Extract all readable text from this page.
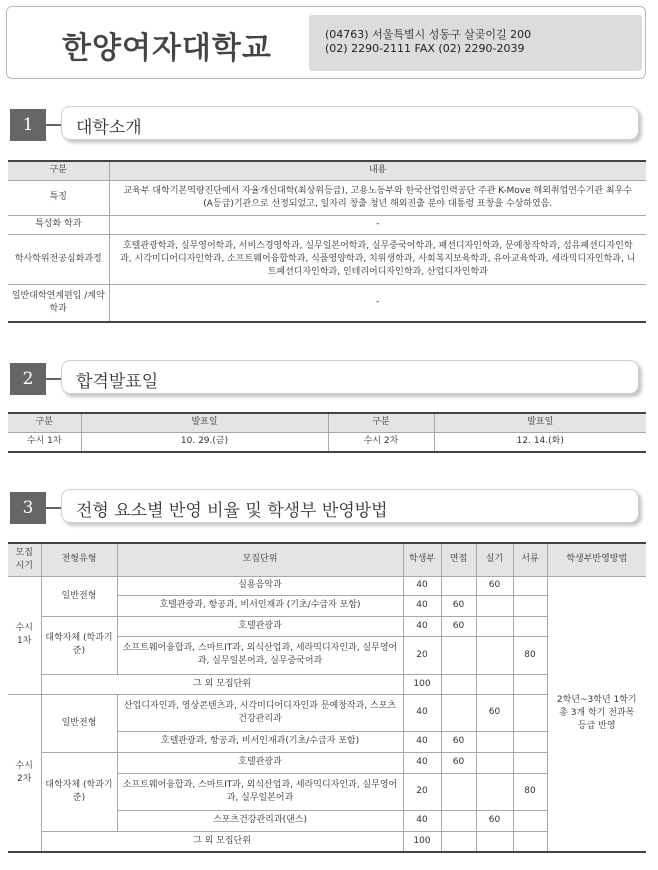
한양여자대학교	(04763) 서울특별시 성동구 살곶이길 200
(02) 2290-2111 FAX (02) 2290-2039
1	대학소개
구분	내용
특징	교육부 대학기본역량진단에서 자율개선대학(최상위등급), 고용노동부와 한국산업인력공단 주관 K-Move 해외취업연수기관 최우수(A등급)기관으로 선정되었고, 일자리 창출 청년 해외진출 분야 대통령 표창을 수상하였음.
특성화 학과	-
학사학위전공심화과정	호텔관광학과, 실무영어학과, 서비스경영학과, 실무일본어학과, 실무중국어학과, 패션디자인학과, 문예창작학과, 섬유패션디자인학과, 시각미디어디자인학과, 소프트웨어융합학과, 식품영양학과, 치위생학과, 사회복지보육학과, 유아교육학과, 세라믹디자인학과, 니트패션디자인학과, 인테리어디자인학과, 산업디자인학과
일반대학연계편입 /계약학과	-
2	합격발표일
구분	발표일	구분	발표일
수시 1차	10. 29.(금)	수시 2차	12. 14.(화)
3	전형 요소별 반영 비율 및 학생부 반영방법
모집 시기	전형유형	모집단위	학생부	면접	실기	서류	학생부반영방법
수시 1차	일반전형	실용음악과	40		60		2학년~3학년 1학기 총 3개 학기 전과목 등급 반영
		호텔관광과, 항공과, 비서인재과 (기초/수급자 포함)	40	60			
	대학자체 (학과기준)	호텔관광과	40	60			
		소프트웨어융합과, 스마트IT과, 외식산업과, 세라믹디자인과, 실무영어과, 실무일본어과, 실무중국어과	20			80	
	그 외 모집단위		100				
수시 2차	일반전형	산업디자인과, 영상콘텐츠과, 시각미디어디자인과 문예창작과, 스포츠건강관리과	40		60		
		호텔관광과, 항공과, 비서인재과(기초/수급자 포함)	40	60			
	대학자체 (학과기준)	호텔관광과	40	60			
		소프트웨어융합과, 스마트IT과, 외식산업과, 세라믹디자인과, 실무영어과, 실무일본어과	20			80	
		스포츠건강관리과(댄스)	40		60		
	그 외 모집단위		100				
